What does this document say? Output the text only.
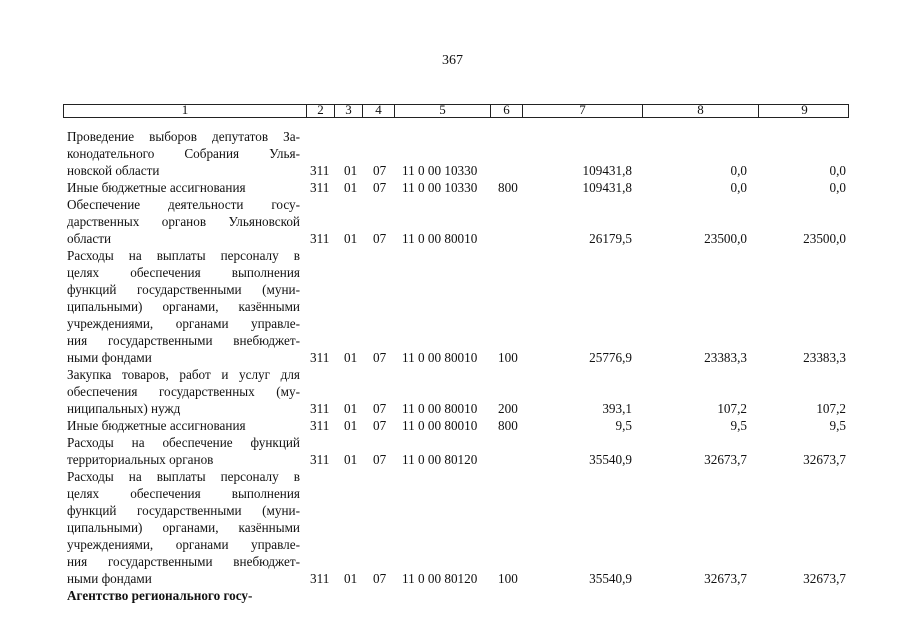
367
1	2	3	4	5	6	7	8	9
Проведение выборов депутатов За-
конодательного Собрания Улья-
новской области	311 01 07 11 0 00 10330	109431,8	0,0	0,0
Иные бюджетные ассигнования	311 01 07 11 0 00 10330 800	109431,8	0,0	0,0
Обеспечение деятельности госу-
дарственных органов Ульяновской
области	311 01 07 11 0 00 80010	26179,5	23500,0	23500,0
Расходы на выплаты персоналу в
целях обеспечения выполнения
функций государственными (муни-
ципальными) органами, казёнными
учреждениями, органами управле-
ния государственными внебюджет-
ными фондами	311 01 07 11 0 00 80010 100	25776,9	23383,3	23383,3
Закупка товаров, работ и услуг для
обеспечения государственных (му-
ниципальных) нужд	311 01 07 11 0 00 80010 200	393,1	107,2	107,2
Иные бюджетные ассигнования	311 01 07 11 0 00 80010 800	9,5	9,5	9,5
Расходы на обеспечение функций
территориальных органов	311 01 07 11 0 00 80120	35540,9	32673,7	32673,7
Расходы на выплаты персоналу в
целях обеспечения выполнения
функций государственными (муни-
ципальными) органами, казёнными
учреждениями, органами управле-
ния государственными внебюджет-
ными фондами	311 01 07 11 0 00 80120 100	35540,9	32673,7	32673,7
Агентство регионального госу-
